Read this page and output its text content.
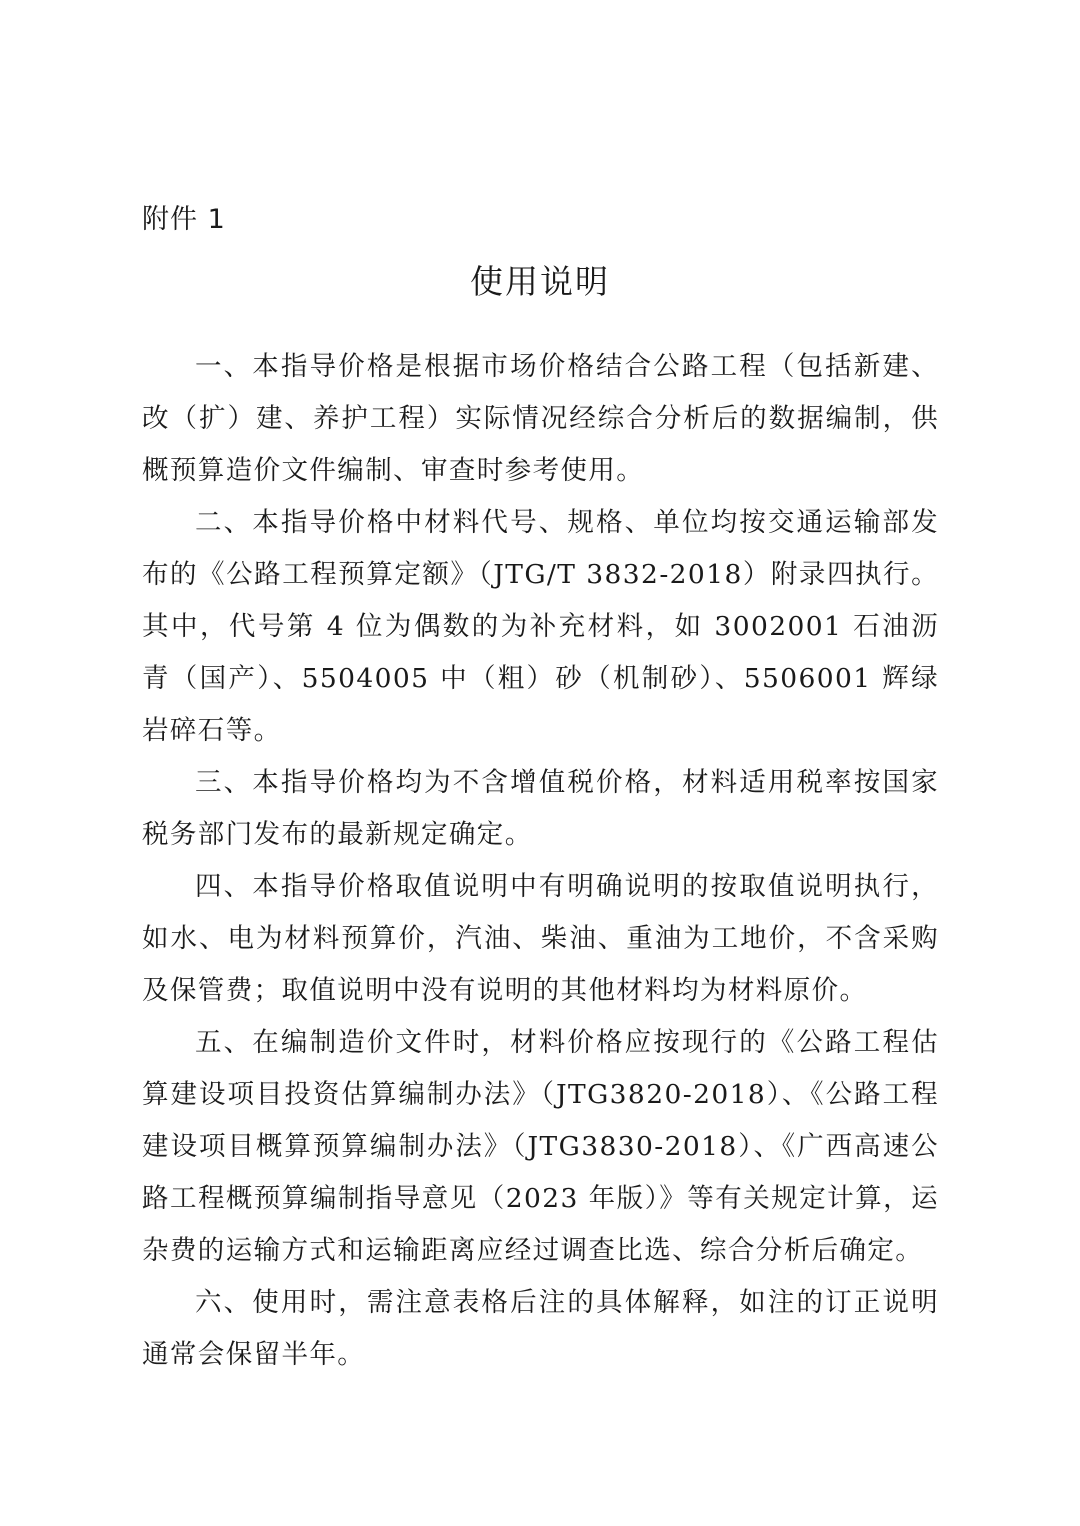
附件 1
使用说明

一、本指导价格是根据市场价格结合公路工程（包括新建、改（扩）建、养护工程）实际情况经综合分析后的数据编制，供概预算造价文件编制、审查时参考使用。

二、本指导价格中材料代号、规格、单位均按交通运输部发布的《公路工程预算定额》（JTG/T 3832-2018）附录四执行。其中，代号第 4 位为偶数的为补充材料，如 3002001 石油沥青（国产）、5504005 中（粗）砂（机制砂）、5506001 辉绿岩碎石等。

三、本指导价格均为不含增值税价格，材料适用税率按国家税务部门发布的最新规定确定。

四、本指导价格取值说明中有明确说明的按取值说明执行，如水、电为材料预算价，汽油、柴油、重油为工地价，不含采购及保管费；取值说明中没有说明的其他材料均为材料原价。

五、在编制造价文件时，材料价格应按现行的《公路工程估算建设项目投资估算编制办法》（JTG3820-2018）、《公路工程建设项目概算预算编制办法》（JTG3830-2018）、《广西高速公路工程概预算编制指导意见（2023 年版）》等有关规定计算，运杂费的运输方式和运输距离应经过调查比选、综合分析后确定。

六、使用时，需注意表格后注的具体解释，如注的订正说明通常会保留半年。
